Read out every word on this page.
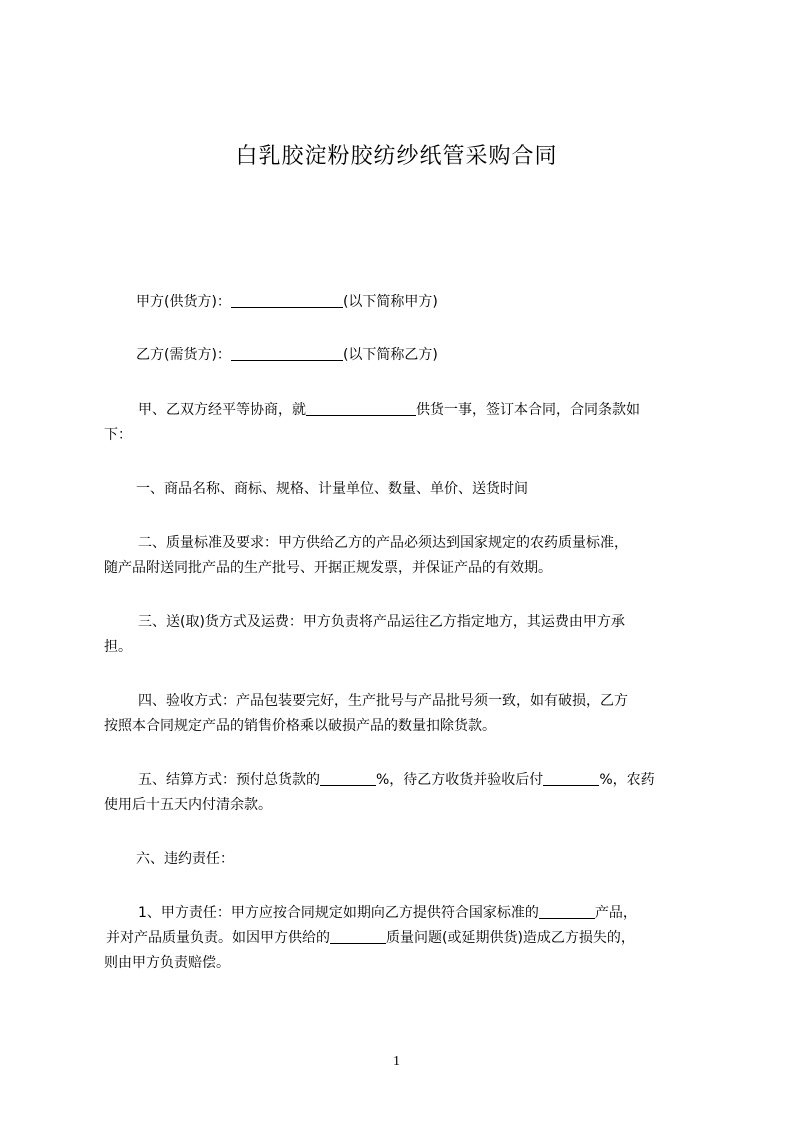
白乳胶淀粉胶纺纱纸管采购合同
甲方(供货方)：	(以下简称甲方)
乙方(需货方)：	(以下简称乙方)
甲、乙双方经平等协商，就	供货一事，签订本合同，合同条款如
下：
一、商品名称、商标、规格、计量单位、数量、单价、送货时间
二、质量标准及要求：甲方供给乙方的产品必须达到国家规定的农药质量标准，
随产品附送同批产品的生产批号、开据正规发票，并保证产品的有效期。
三、送(取)货方式及运费：甲方负责将产品运往乙方指定地方，其运费由甲方承
担。
四、验收方式：产品包装要完好，生产批号与产品批号须一致，如有破损，乙方
按照本合同规定产品的销售价格乘以破损产品的数量扣除货款。
五、结算方式：预付总货款的	%，待乙方收货并验收后付	%，农药
使用后十五天内付清余款。
六、违约责任：
1、甲方责任：甲方应按合同规定如期向乙方提供符合国家标准的	产品，
并对产品质量负责。如因甲方供给的	质量问题(或延期供货)造成乙方损失的，
则由甲方负责赔偿。
1
